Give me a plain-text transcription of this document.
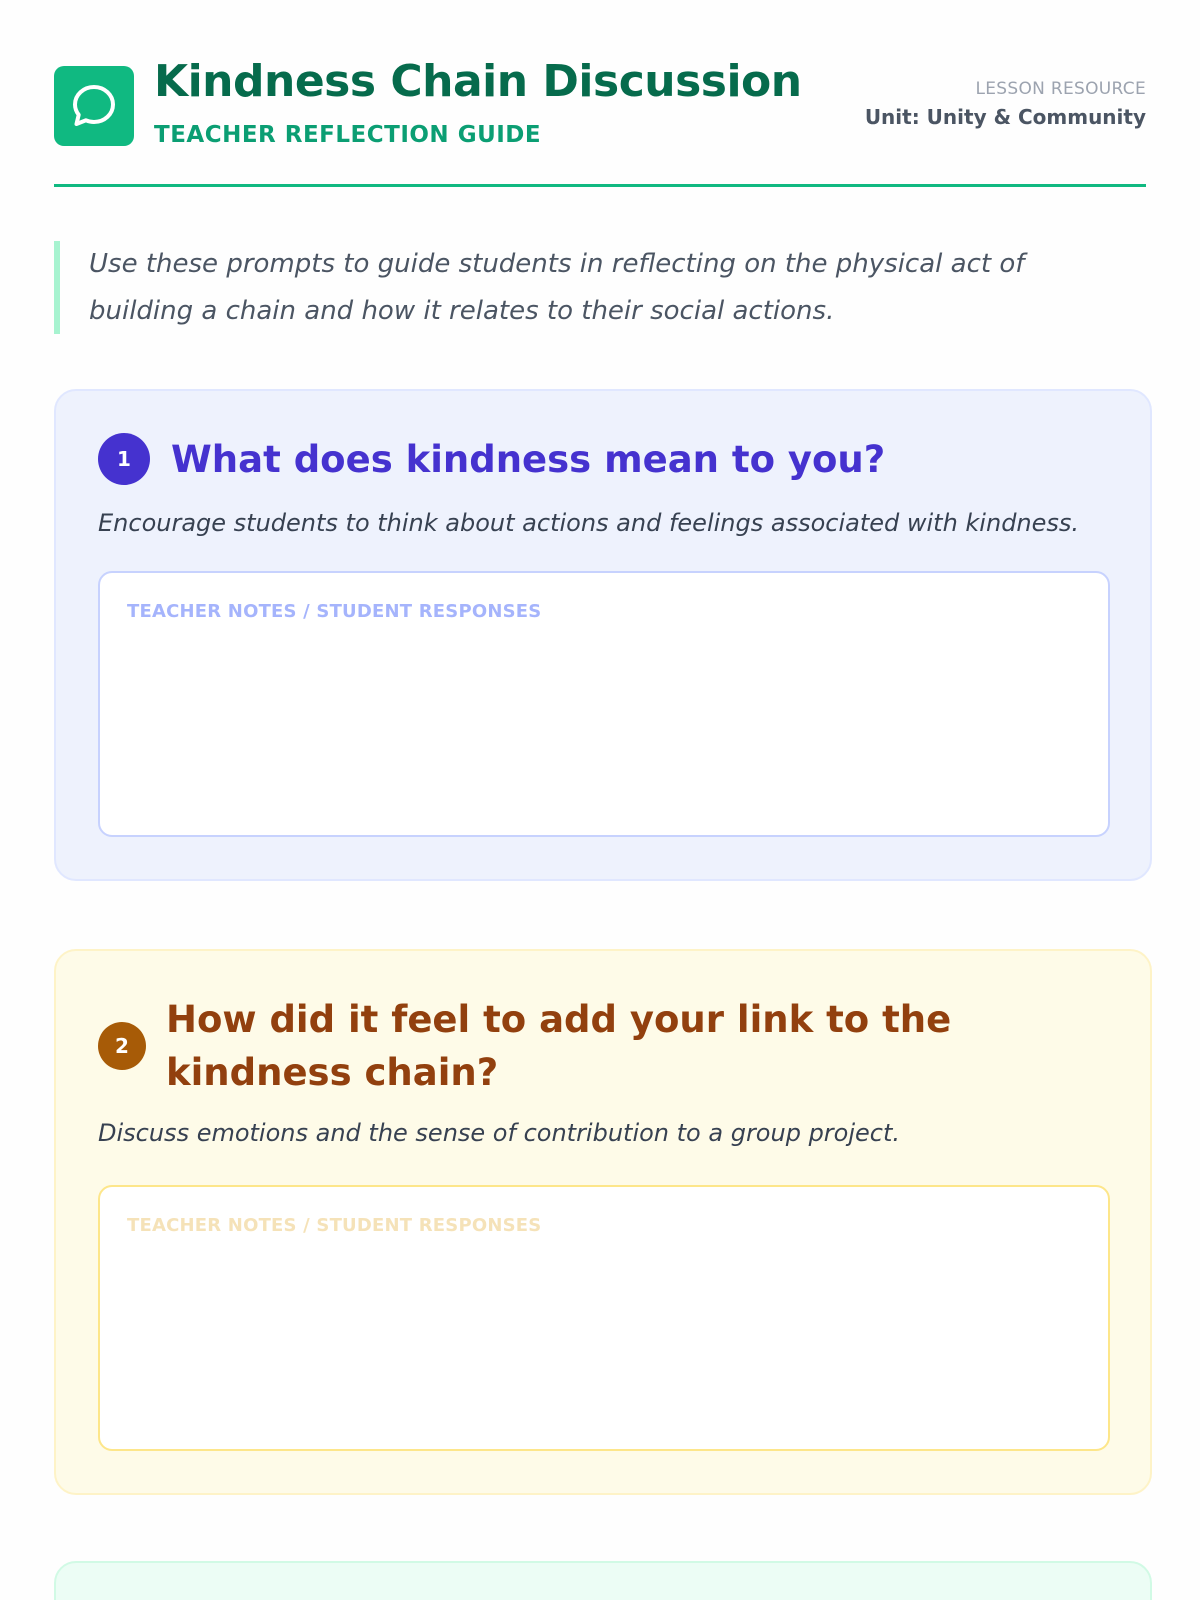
Kindness Chain Discussion
TEACHER REFLECTION GUIDE
LESSON RESOURCE
Unit: Unity & Community
Use these prompts to guide students in reflecting on the physical act of building a chain and how it relates to their social actions.
1	What does kindness mean to you?
Encourage students to think about actions and feelings associated with kindness.
TEACHER NOTES / STUDENT RESPONSES
2
How did it feel to add your link to the kindness chain?
Discuss emotions and the sense of contribution to a group project.
TEACHER NOTES / STUDENT RESPONSES
